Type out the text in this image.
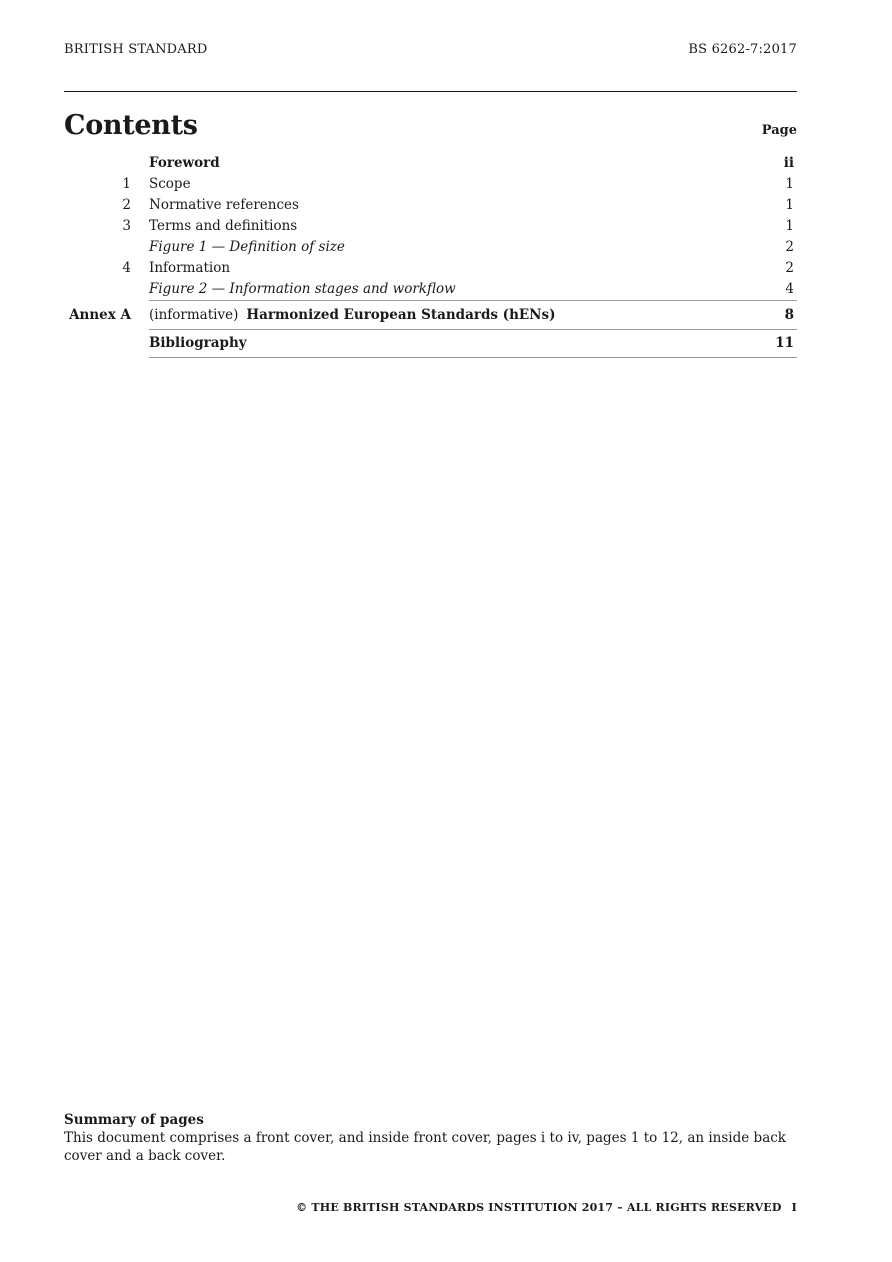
BRITISH STANDARD	BS 6262-7:2017
Contents	Page
Foreword	ii
1 Scope	1
2 Normative references	1
3 Terms and definitions	1
Figure 1 — Definition of size	2
4 Information	2
Figure 2 — Information stages and workflow	4
Annex A (informative) Harmonized European Standards (hENs)	8
Bibliography	11
Summary of pages
This document comprises a front cover, and inside front cover, pages i to iv, pages 1 to 12, an inside back cover and a back cover.
© THE BRITISH STANDARDS INSTITUTION 2017 – ALL RIGHTS RESERVED I
